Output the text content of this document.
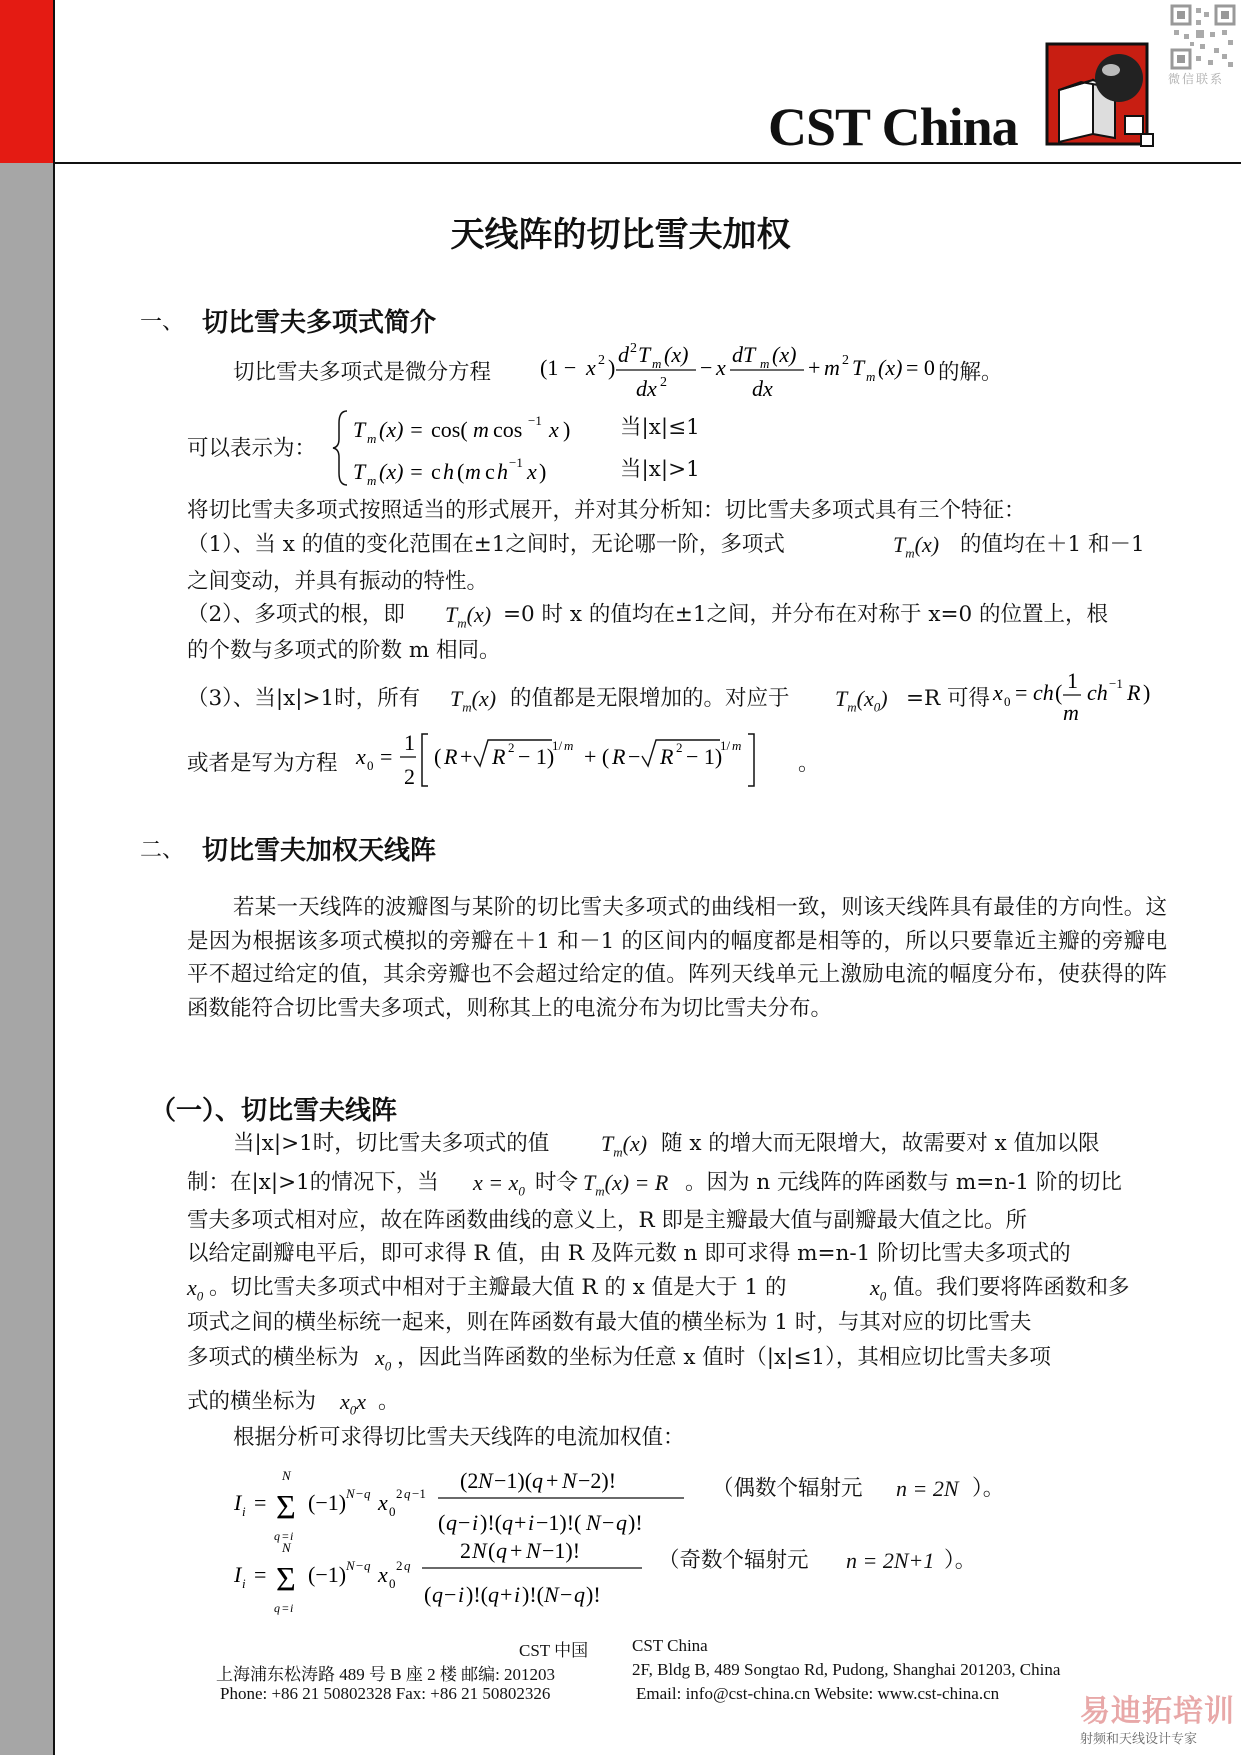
CST China
微信联系
天线阵的切比雪夫加权
一、 切比雪夫多项式简介
切比雪夫多项式是微分方程 (1 − x 2 )
d 2 T m (x)
dx 2
− x
dT m (x)
dx
+ m 2 T m (x) = 0 的解。
可以表示为：
T m (x) = cos( m cos −1 x )
T m (x) = c h ( m c h −1 x )
当|x|≤1
当|x|>1
将切比雪夫多项式按照适当的形式展开，并对其分析知：切比雪夫多项式具有三个特征：
（1）、当 x 的值的变化范围在±1之间时，无论哪一阶，多项式	$T_m(x)$ 的值均在＋1 和－1
之间变动，并具有振动的特性。
（2）、多项式的根，即 $T_m(x) =0$ 时 x 的值均在±1之间，并分布在对称于 x=0 的位置上，根
的个数与多项式的阶数 m 相同。
（3）、当|x|>1时，所有 $T_m(x)$ 的值都是无限增加的。对应于 $T_m(x_0) =R$ 可得 x 0 = ch ( 1
m
ch −1 R )
或者是写为方程 x 0 =
1
2
( R + R 2 − 1)
1/ m + ( R − R 2 − 1)
1/ m
。
二、 切比雪夫加权天线阵

若某一天线阵的波瓣图与某阶的切比雪夫多项式的曲线相一致，则该天线阵具有最佳的方向性。这是因为根据该多项式模拟的旁瓣在＋1 和－1 的区间内的幅度都是相等的，所以只要靠近主瓣的旁瓣电平不超过给定的值，其余旁瓣也不会超过给定的值。阵列天线单元上激励电流的幅度分布，使获得的阵函数能符合切比雪夫多项式，则称其上的电流分布为切比雪夫分布。

（一）、切比雪夫线阵
当|x|>1时，切比雪夫多项式的值 $T_m(x)$ 随 x 的增大而无限增大，故需要对 x 值加以限
制：在|x|>1的情况下，当 $x = x_0$ 时令 $T_m(x) = R$ 。因为 n 元线阵的阵函数与 m=n-1 阶的切比
雪夫多项式相对应，故在阵函数曲线的意义上，R 即是主瓣最大值与副瓣最大值之比。所
以给定副瓣电平后，即可求得 R 值，由 R 及阵元数 n 即可求得 m=n-1 阶切比雪夫多项式的
$x_0$ 。切比雪夫多项式中相对于主瓣最大值 R 的 x 值是大于 1 的	$x_0$ 值。我们要将阵函数和多
项式之间的横坐标统一起来，则在阵函数有最大值的横坐标为 1 时，与其对应的切比雪夫
多项式的横坐标为 $x_0$ ，因此当阵函数的坐标为任意 x 值时（|x|≤1），其相应切比雪夫多项
式的横坐标为 $x_0x$ 。
根据分析可求得切比雪夫天线阵的电流加权值：
I i = Σ
N
q = i
(−1) N − q x 0
2 q −1
(2 N −1)( q + N −2)!
( q − i )!( q + i −1)!( N − q )!
（偶数个辐射元 n = 2N ）。
I i = Σ
N
q = i
(−1) N − q x 0
2 q
2 N ( q + N −1)!
( q − i )!( q + i )!( N − q )!
（奇数个辐射元 n = 2N+1 ）。
CST 中国	CST China
上海浦东松涛路 489 号 B 座 2 楼 邮编: 201203	2F, Bldg B, 489 Songtao Rd, Pudong, Shanghai 201203, China
Phone: +86 21 50802328 Fax: +86 21 50802326	Email: info@cst-china.cn Website: www.cst-china.cn
易迪拓培训
射频和天线设计专家
